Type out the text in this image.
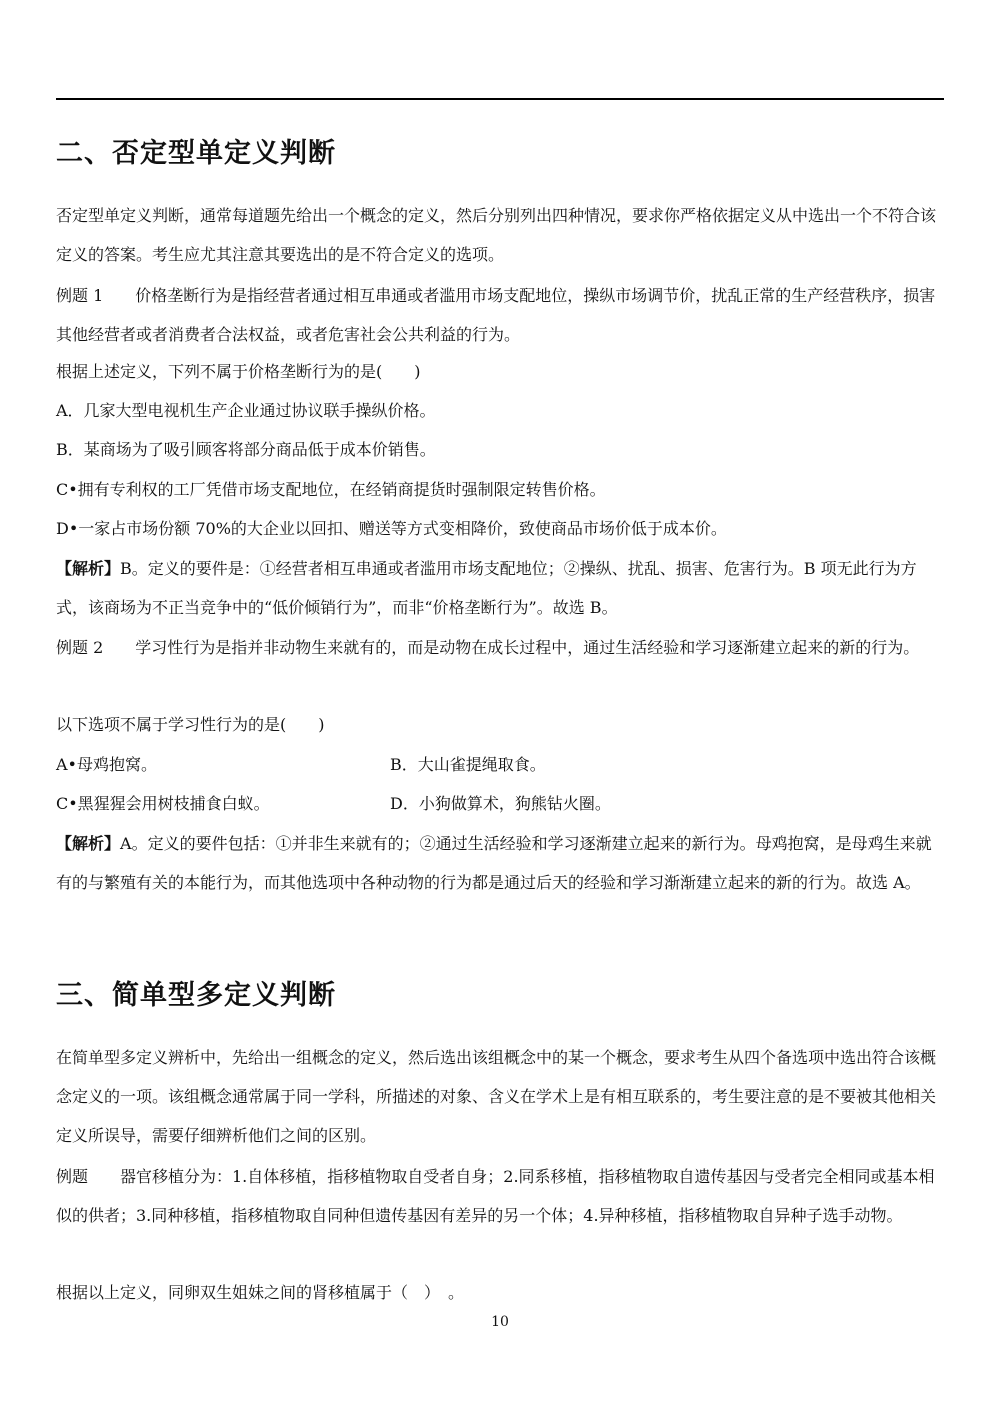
二、否定型单定义判断

否定型单定义判断，通常每道题先给出一个概念的定义，然后分别列出四种情况，要求你严格依据定义从中选出一个不符合该定义的答案。考生应尤其注意其要选出的是不符合定义的选项。

例题 1　　价格垄断行为是指经营者通过相互串通或者滥用市场支配地位，操纵市场调节价，扰乱正常的生产经营秩序，损害其他经营者或者消费者合法权益，或者危害社会公共利益的行为。

根据上述定义，下列不属于价格垄断行为的是(　　)

A．几家大型电视机生产企业通过协议联手操纵价格。

B．某商场为了吸引顾客将部分商品低于成本价销售。

C•拥有专利权的工厂凭借市场支配地位，在经销商提货时强制限定转售价格。

D•一家占市场份额 70%的大企业以回扣、赠送等方式变相降价，致使商品市场价低于成本价。

【解析】B。定义的要件是：①经营者相互串通或者滥用市场支配地位；②操纵、扰乱、损害、危害行为。B 项无此行为方式，该商场为不正当竞争中的“低价倾销行为”，而非“价格垄断行为”。故选 B。

例题 2　　学习性行为是指并非动物生来就有的，而是动物在成长过程中，通过生活经验和学习逐渐建立起来的新的行为。

以下选项不属于学习性行为的是(　　)

A•母鸡抱窝。	B．大山雀提绳取食。

C•黑猩猩会用树枝捕食白蚁。	D．小狗做算术，狗熊钻火圈。

【解析】A。定义的要件包括：①并非生来就有的；②通过生活经验和学习逐渐建立起来的新行为。母鸡抱窝，是母鸡生来就有的与繁殖有关的本能行为，而其他选项中各种动物的行为都是通过后天的经验和学习渐渐建立起来的新的行为。故选 A。

三、简单型多定义判断

在简单型多定义辨析中，先给出一组概念的定义，然后选出该组概念中的某一个概念，要求考生从四个备选项中选出符合该概念定义的一项。该组概念通常属于同一学科，所描述的对象、含义在学术上是有相互联系的，考生要注意的是不要被其他相关定义所误导，需要仔细辨析他们之间的区别。

例题　　器官移植分为：1.自体移植，指移植物取自受者自身；2.同系移植，指移植物取自遗传基因与受者完全相同或基本相似的供者；3.同种移植，指移植物取自同种但遗传基因有差异的另一个体；4.异种移植，指移植物取自异种子选手动物。

根据以上定义，同卵双生姐妹之间的肾移植属于（　）　。

10
